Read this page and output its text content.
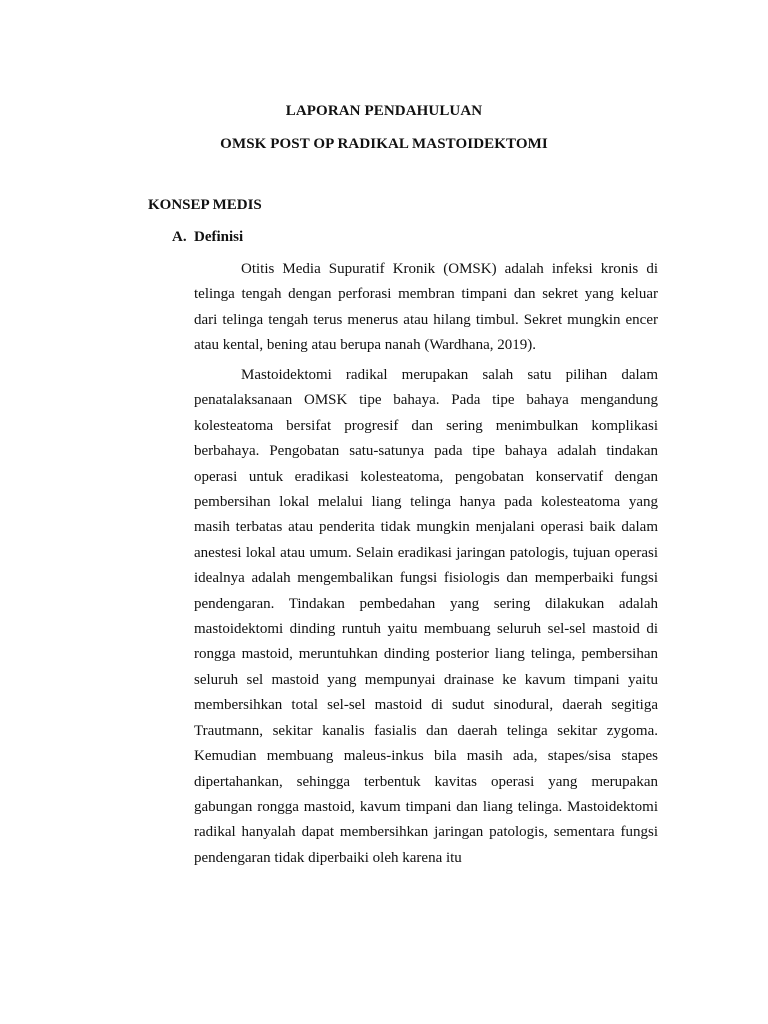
LAPORAN PENDAHULUAN
OMSK POST OP RADIKAL MASTOIDEKTOMI
KONSEP MEDIS
A. Definisi

Otitis Media Supuratif Kronik (OMSK) adalah infeksi kronis di telinga tengah dengan perforasi membran timpani dan sekret yang keluar dari telinga tengah terus menerus atau hilang timbul. Sekret mungkin encer atau kental, bening atau berupa nanah (Wardhana, 2019).

Mastoidektomi radikal merupakan salah satu pilihan dalam penatalaksanaan OMSK tipe bahaya. Pada tipe bahaya mengandung kolesteatoma bersifat progresif dan sering menimbulkan komplikasi berbahaya. Pengobatan satu-satunya pada tipe bahaya adalah tindakan operasi untuk eradikasi kolesteatoma, pengobatan konservatif dengan pembersihan lokal melalui liang telinga hanya pada kolesteatoma yang masih terbatas atau penderita tidak mungkin menjalani operasi baik dalam anestesi lokal atau umum. Selain eradikasi jaringan patologis, tujuan operasi idealnya adalah mengembalikan fungsi fisiologis dan memperbaiki fungsi pendengaran. Tindakan pembedahan yang sering dilakukan adalah mastoidektomi dinding runtuh yaitu membuang seluruh sel-sel mastoid di rongga mastoid, meruntuhkan dinding posterior liang telinga, pembersihan seluruh sel mastoid yang mempunyai drainase ke kavum timpani yaitu membersihkan total sel-sel mastoid di sudut sinodural, daerah segitiga Trautmann, sekitar kanalis fasialis dan daerah telinga sekitar zygoma. Kemudian membuang maleus-inkus bila masih ada, stapes/sisa stapes dipertahankan, sehingga terbentuk kavitas operasi yang merupakan gabungan rongga mastoid, kavum timpani dan liang telinga. Mastoidektomi radikal hanyalah dapat membersihkan jaringan patologis, sementara fungsi pendengaran tidak diperbaiki oleh karena itu
